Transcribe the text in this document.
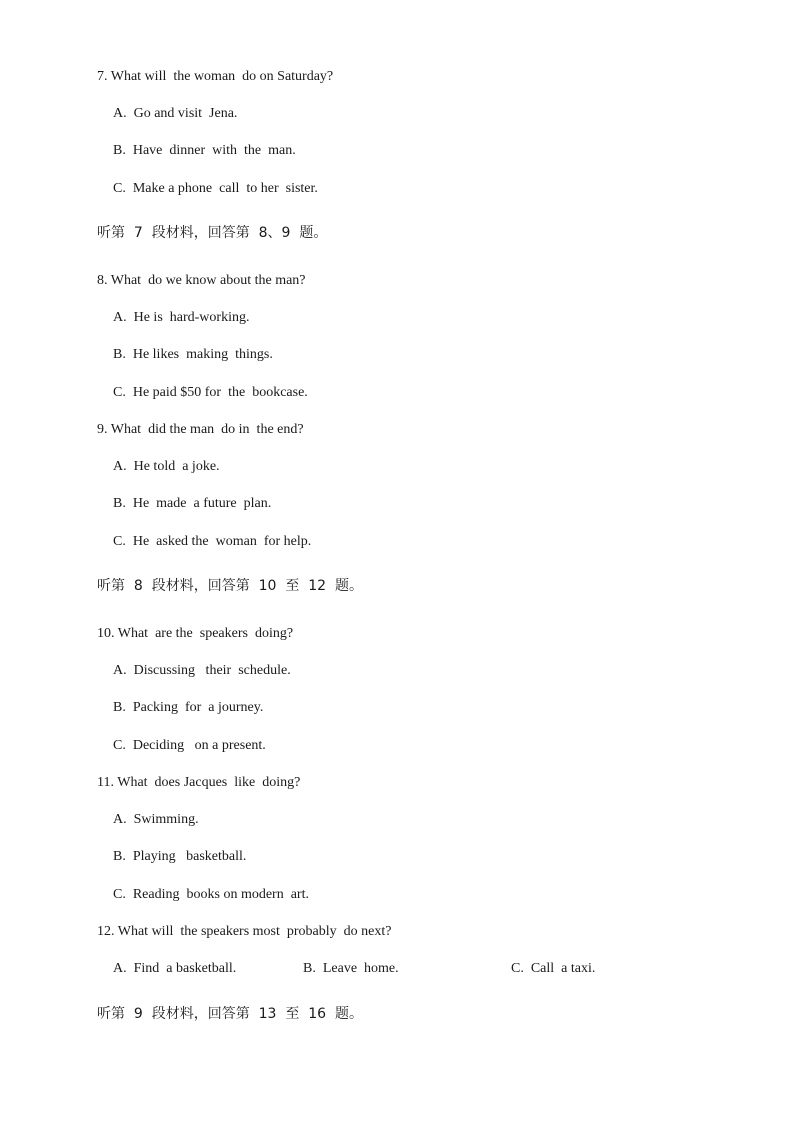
7. What will  the woman  do on Saturday?
A.  Go and visit  Jena.
B.  Have  dinner  with  the  man.
C.  Make a phone  call  to her  sister.
听第  7  段材料，回答第  8、9  题。
8. What  do we know about the man?
A.  He is  hard-working.
B.  He likes  making  things.
C.  He paid $50 for  the  bookcase.
9. What  did the man  do in  the end?
A.  He told  a joke.
B.  He  made  a future  plan.
C.  He  asked the  woman  for help.
听第  8  段材料，回答第  10  至  12  题。
10. What  are the  speakers  doing?
A.  Discussing   their  schedule.
B.  Packing  for  a journey.
C.  Deciding   on a present.
11. What  does Jacques  like  doing?
A.  Swimming.
B.  Playing   basketball.
C.  Reading  books on modern  art.
12. What will  the speakers most  probably  do next?
A.  Find  a basketball.	B.  Leave  home.	C.  Call  a taxi.
听第  9  段材料，回答第  13  至  16  题。
